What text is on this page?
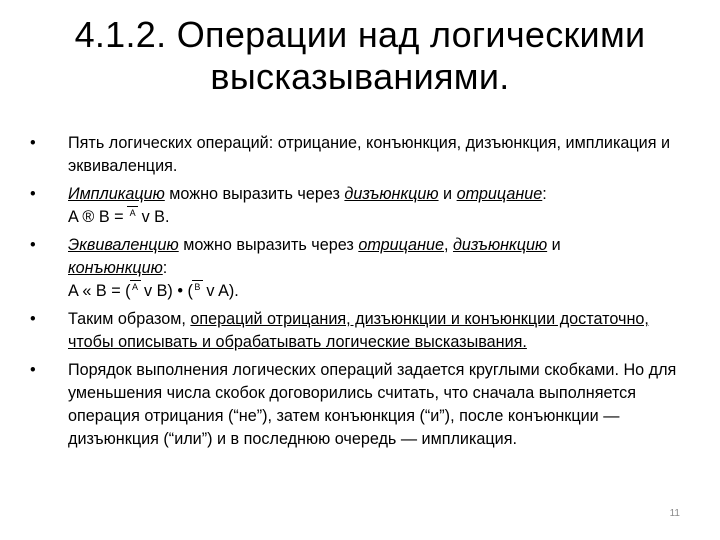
4.1.2. Операции над логическими
высказываниями.
• Пять логических операций: отрицание, конъюнкция, дизъюнкция, импликация и эквиваленция.
• Импликацию можно выразить через дизъюнкцию и отрицание:
A ® B = A v B.
• Эквиваленцию можно выразить через отрицание, дизъюнкцию и
конъюнкцию:
A « B = ( A v B) • ( B v A).
• Таким образом, операций отрицания, дизъюнкции и конъюнкции достаточно, чтобы описывать и обрабатывать логические высказывания.
• Порядок выполнения логических операций задается круглыми скобками. Но для уменьшения числа скобок договорились считать, что сначала выполняется операция отрицания (“не”), затем конъюнкция (“и”), после конъюнкции — дизъюнкция (“или”) и в последнюю очередь — импликация.
11
